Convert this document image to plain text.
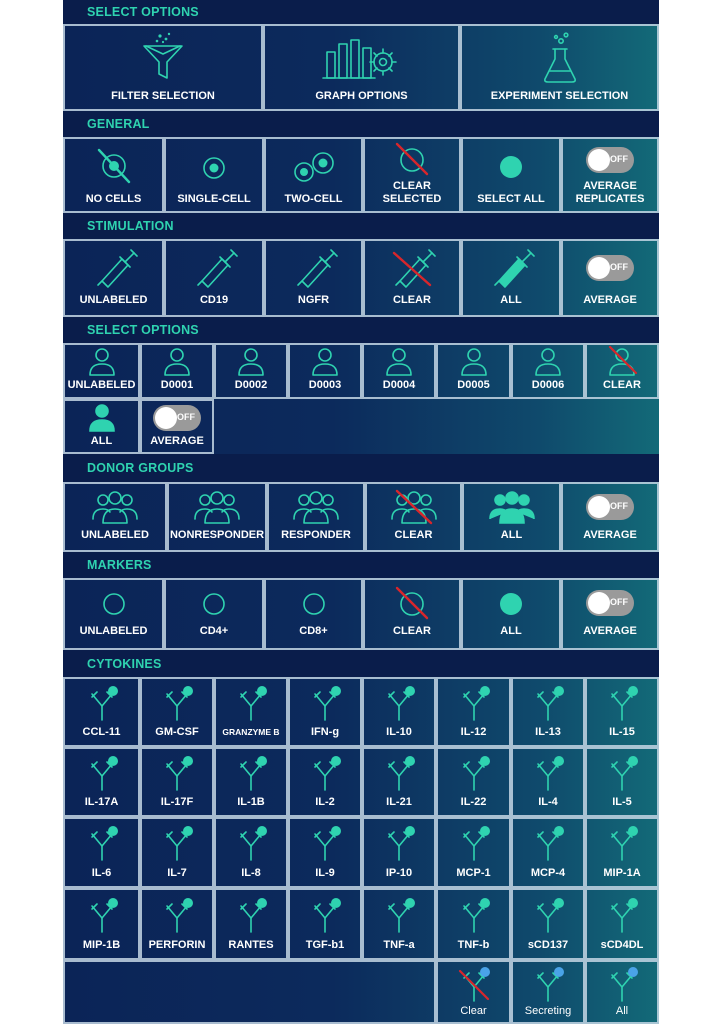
SELECT OPTIONS
FILTER SELECTION	GRAPH OPTIONS	EXPERIMENT SELECTION
GENERAL
NO CELLS	SINGLE-CELL	TWO-CELL
CLEAR SELECTED	SELECT ALL
OFF
AVERAGE REPLICATES
STIMULATION
UNLABELED	CD19	NGFR	CLEAR	ALL
OFF
AVERAGE
SELECT OPTIONS
UNLABELED D0001	D0002	D0003	D0004	D0005	D0006	CLEAR
ALL
OFF
AVERAGE
DONOR GROUPS
UNLABELED NONRESPONDER RESPONDER	CLEAR	ALL
OFF
AVERAGE
MARKERS
UNLABELED	CD4+	CD8+	CLEAR	ALL
OFF
AVERAGE
CYTOKINES
CCL-11	GM-CSF	GRANZYME B	IFN-g	IL-10	IL-12	IL-13	IL-15
IL-17A	IL-17F	IL-1B	IL-2	IL-21	IL-22	IL-4	IL-5
IL-6	IL-7	IL-8	IL-9	IP-10	MCP-1	MCP-4	MIP-1A
MIP-1B	PERFORIN RANTES	TGF-b1	TNF-a	TNF-b	sCD137	sCD4DL
Clear	Secreting	All
